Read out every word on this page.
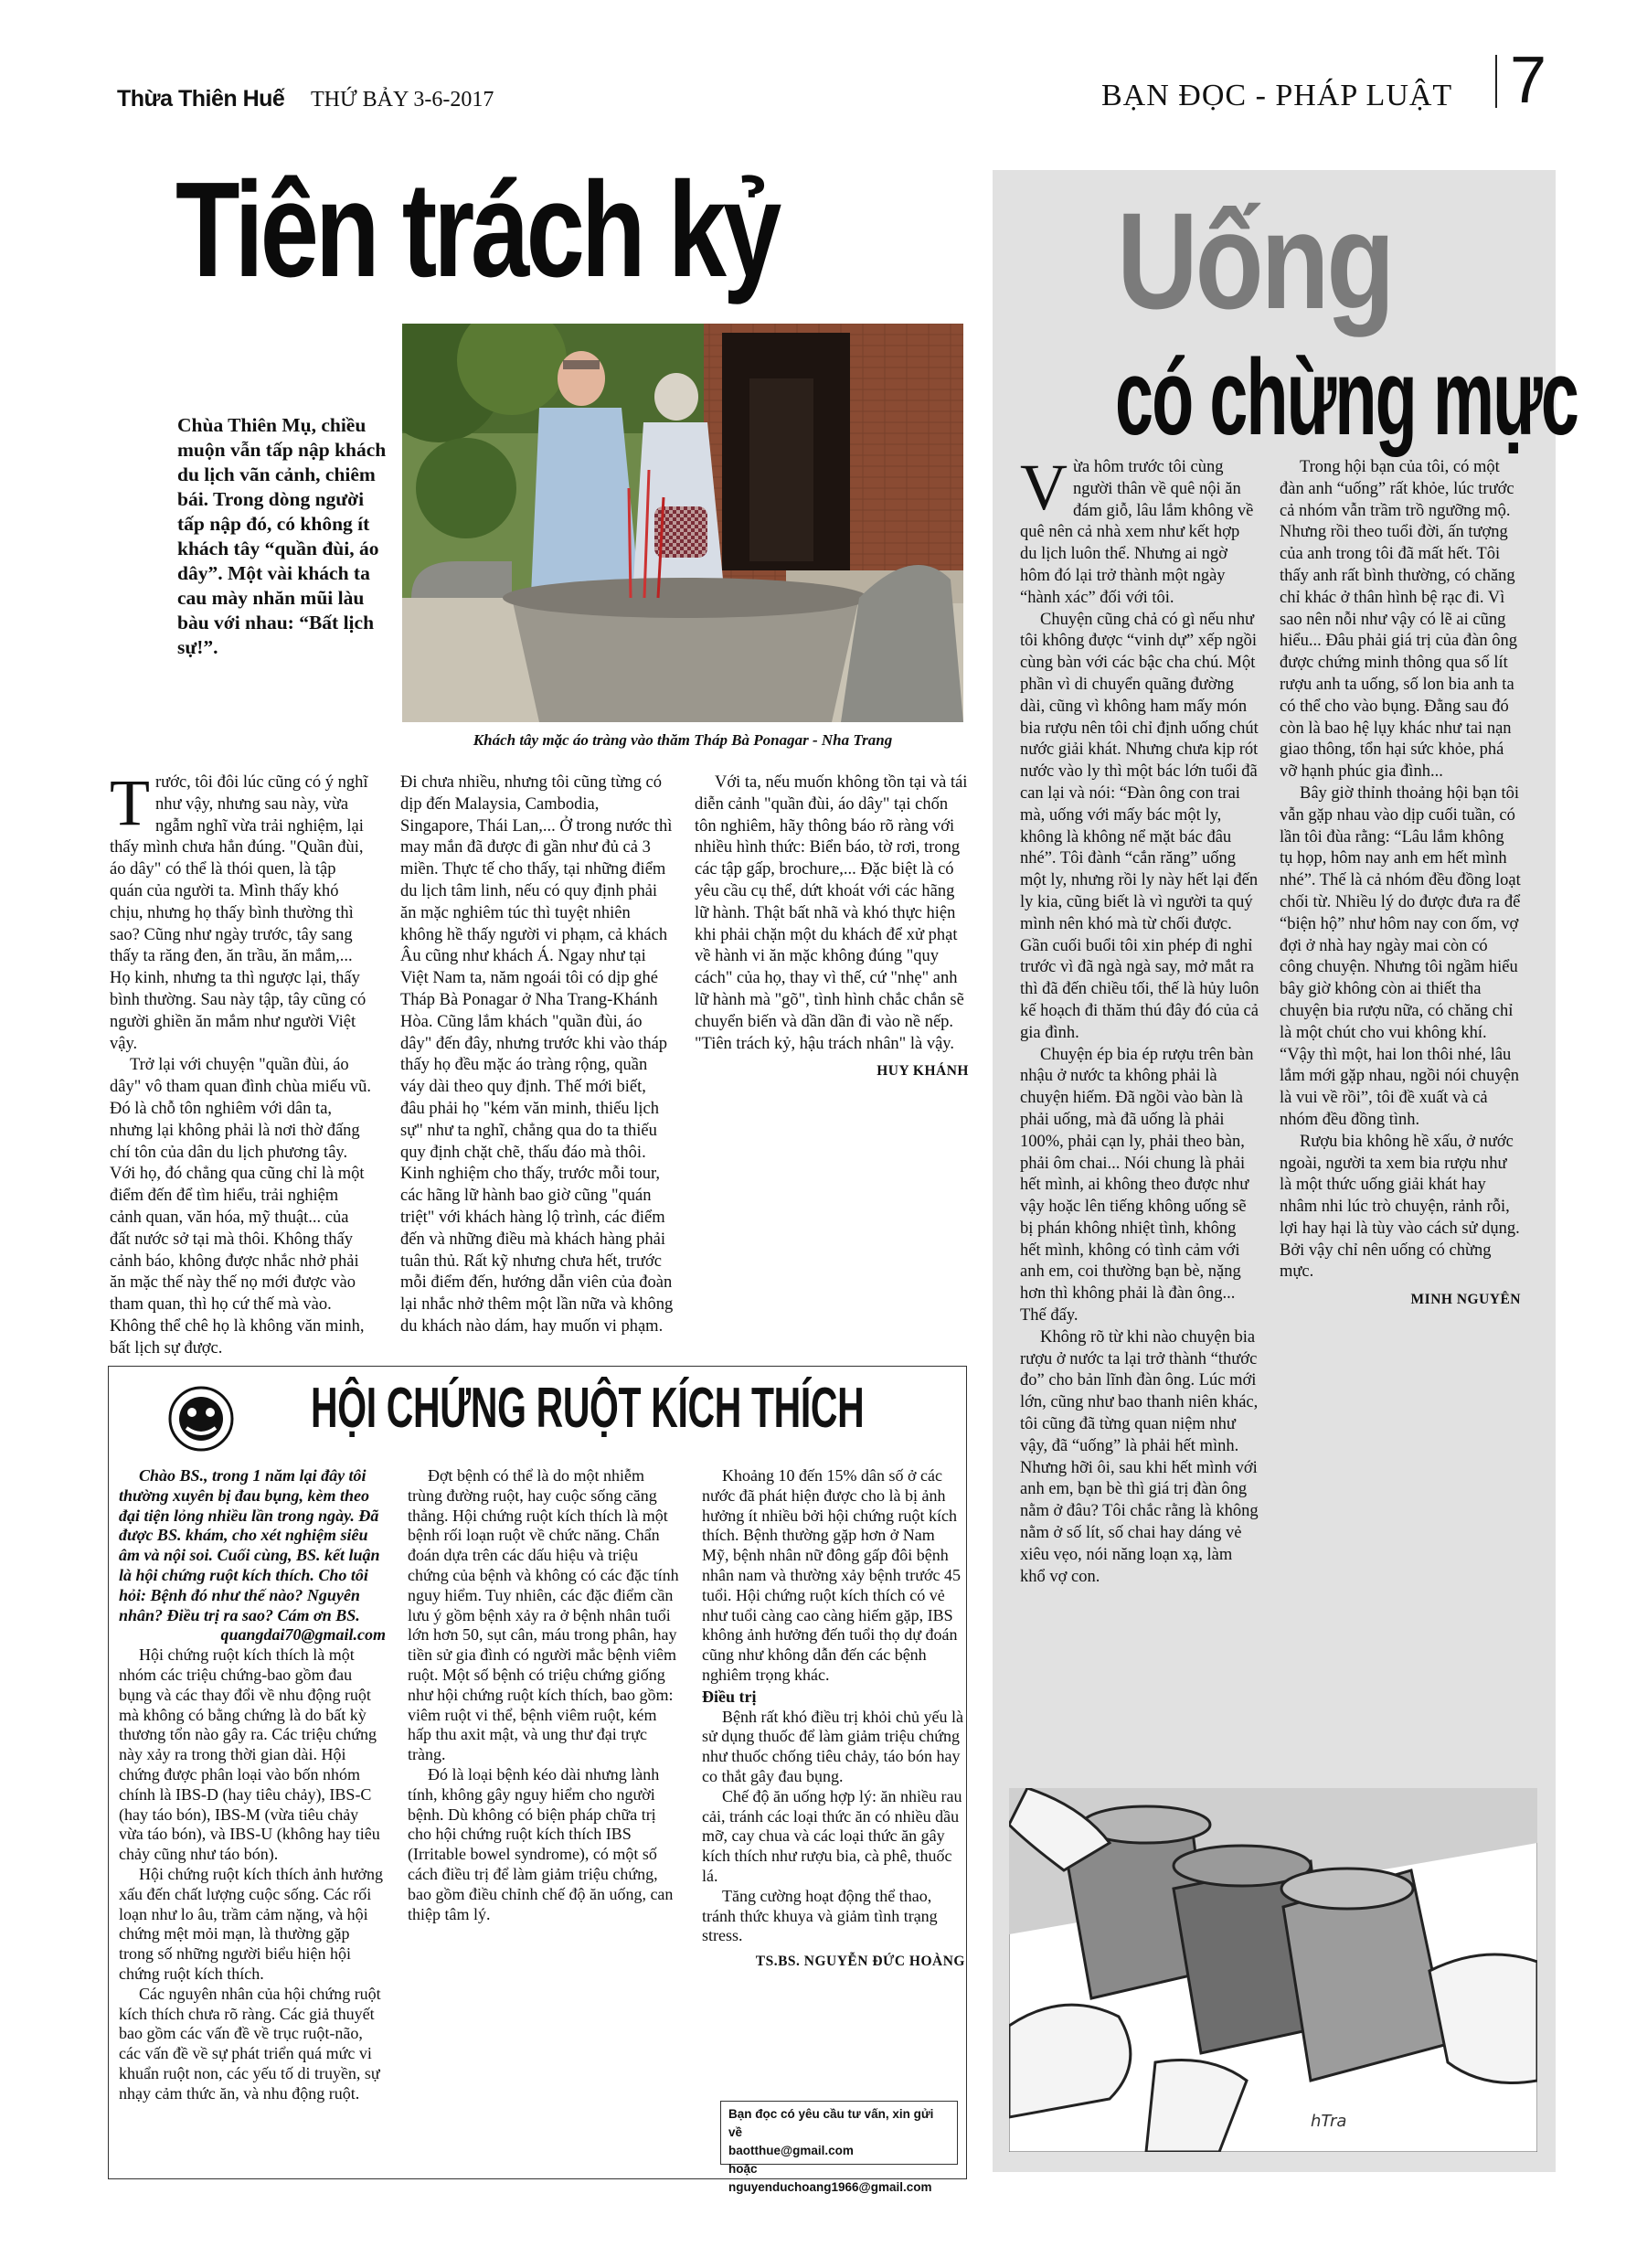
Thừa Thiên Huế THỨ BẢY 3-6-2017	BẠN ĐỌC - PHÁP LUẬT 7
Tiên trách kỷ
Khách tây mặc áo tràng vào thăm Tháp Bà Ponagar - Nha Trang
Chùa Thiên Mụ, chiều muộn vẫn tấp nập khách du lịch vãn cảnh, chiêm bái. Trong dòng người tấp nập đó, có không ít khách tây “quần đùi, áo dây”. Một vài khách ta cau mày nhăn mũi làu bàu với nhau: “Bất lịch sự!”.

Trước, tôi đôi lúc cũng có ý nghĩ như vậy, nhưng sau này, vừa ngẫm nghĩ vừa trải nghiệm, lại thấy mình chưa hẳn đúng. "Quần đùi, áo dây" có thể là thói quen, là tập quán của người ta. Mình thấy khó chịu, nhưng họ thấy bình thường thì sao? Cũng như ngày trước, tây sang thấy ta răng đen, ăn trầu, ăn mắm,... Họ kinh, nhưng ta thì ngược lại, thấy bình thường. Sau này tập, tây cũng có người ghiền ăn mắm như người Việt vậy.

Trở lại với chuyện "quần đùi, áo dây" vô tham quan đình chùa miếu vũ. Đó là chỗ tôn nghiêm với dân ta, nhưng lại không phải là nơi thờ đấng chí tôn của dân du lịch phương tây. Với họ, đó chẳng qua cũng chỉ là một điểm đến để tìm hiểu, trải nghiệm cảnh quan, văn hóa, mỹ thuật... của đất nước sở tại mà thôi. Không thấy cảnh báo, không được nhắc nhở phải ăn mặc thế này thế nọ mới được vào tham quan, thì họ cứ thế mà vào. Không thể chê họ là không văn minh, bất lịch sự được.

Đi chưa nhiều, nhưng tôi cũng từng có dịp đến Malaysia, Cambodia, Singapore, Thái Lan,... Ở trong nước thì may mắn đã được đi gần như đủ cả 3 miền. Thực tế cho thấy, tại những điểm du lịch tâm linh, nếu có quy định phải ăn mặc nghiêm túc thì tuyệt nhiên không hề thấy người vi phạm, cả khách Âu cũng như khách Á. Ngay như tại Việt Nam ta, năm ngoái tôi có dịp ghé Tháp Bà Ponagar ở Nha Trang-Khánh Hòa. Cũng lắm khách "quần đùi, áo dây" đến đây, nhưng trước khi vào tháp thấy họ đều mặc áo tràng rộng, quần váy dài theo quy định. Thế mới biết, đâu phải họ "kém văn minh, thiếu lịch sự" như ta nghĩ, chẳng qua do ta thiếu quy định chặt chẽ, thấu đáo mà thôi. Kinh nghiệm cho thấy, trước mỗi tour, các hãng lữ hành bao giờ cũng "quán triệt" với khách hàng lộ trình, các điểm đến và những điều mà khách hàng phải tuân thủ. Rất kỹ nhưng chưa hết, trước mỗi điểm đến, hướng dẫn viên của đoàn lại nhắc nhở thêm một lần nữa và không du khách nào dám, hay muốn vi phạm.

Với ta, nếu muốn không tồn tại và tái diễn cảnh "quần đùi, áo dây" tại chốn tôn nghiêm, hãy thông báo rõ ràng với nhiều hình thức: Biển báo, tờ rơi, trong các tập gấp, brochure,... Đặc biệt là có yêu cầu cụ thể, dứt khoát với các hãng lữ hành. Thật bất nhã và khó thực hiện khi phải chặn một du khách để xử phạt về hành vi ăn mặc không đúng "quy cách" của họ, thay vì thế, cứ "nhẹ" anh lữ hành mà "gõ", tình hình chắc chắn sẽ chuyển biến và dần dần đi vào nề nếp. "Tiên trách kỷ, hậu trách nhân" là vậy.

HUY KHÁNH
Uống
có chừng mực

Vừa hôm trước tôi cùng người thân về quê nội ăn đám giỗ, lâu lắm không về quê nên cả nhà xem như kết hợp du lịch luôn thể. Nhưng ai ngờ hôm đó lại trở thành một ngày “hành xác” đối với tôi.

Chuyện cũng chả có gì nếu như tôi không được “vinh dự” xếp ngồi cùng bàn với các bậc cha chú. Một phần vì di chuyển quãng đường dài, cũng vì không ham mấy món bia rượu nên tôi chỉ định uống chút nước giải khát. Nhưng chưa kịp rót nước vào ly thì một bác lớn tuổi đã can lại và nói: “Đàn ông con trai mà, uống với mấy bác một ly, không là không nể mặt bác đâu nhé”. Tôi đành “cắn răng” uống một ly, nhưng rồi ly này hết lại đến ly kia, cũng biết là vì người ta quý mình nên khó mà từ chối được. Gần cuối buổi tôi xin phép đi nghỉ trước vì đã ngà ngà say, mở mắt ra thì đã đến chiều tối, thế là hủy luôn kế hoạch đi thăm thú đây đó của cả gia đình.

Chuyện ép bia ép rượu trên bàn nhậu ở nước ta không phải là chuyện hiếm. Đã ngồi vào bàn là phải uống, mà đã uống là phải 100%, phải cạn ly, phải theo bàn, phải ôm chai... Nói chung là phải hết mình, ai không theo được như vậy hoặc lên tiếng không uống sẽ bị phán không nhiệt tình, không hết mình, không có tình cảm với anh em, coi thường bạn bè, nặng hơn thì không phải là đàn ông... Thế đấy.

Không rõ từ khi nào chuyện bia rượu ở nước ta lại trở thành “thước đo” cho bản lĩnh đàn ông. Lúc mới lớn, cũng như bao thanh niên khác, tôi cũng đã từng quan niệm như vậy, đã “uống” là phải hết mình. Nhưng hỡi ôi, sau khi hết mình với anh em, bạn bè thì giá trị đàn ông nằm ở đâu? Tôi chắc rằng là không nằm ở số lít, số chai hay dáng vẻ xiêu vẹo, nói năng loạn xạ, làm khổ vợ con.

Trong hội bạn của tôi, có một đàn anh “uống” rất khỏe, lúc trước cả nhóm vẫn trầm trồ ngưỡng mộ. Nhưng rồi theo tuổi đời, ấn tượng của anh trong tôi đã mất hết. Tôi thấy anh rất bình thường, có chăng chỉ khác ở thân hình bệ rạc đi. Vì sao nên nỗi như vậy có lẽ ai cũng hiểu... Đâu phải giá trị của đàn ông được chứng minh thông qua số lít rượu anh ta uống, số lon bia anh ta có thể cho vào bụng. Đằng sau đó còn là bao hệ lụy khác như tai nạn giao thông, tổn hại sức khỏe, phá vỡ hạnh phúc gia đình...

Bây giờ thỉnh thoảng hội bạn tôi vẫn gặp nhau vào dịp cuối tuần, có lần tôi đùa rằng: “Lâu lắm không tụ họp, hôm nay anh em hết mình nhé”. Thế là cả nhóm đều đồng loạt chối từ. Nhiều lý do được đưa ra để “biện hộ” như hôm nay con ốm, vợ đợi ở nhà hay ngày mai còn có công chuyện. Nhưng tôi ngầm hiểu bây giờ không còn ai thiết tha chuyện bia rượu nữa, có chăng chỉ là một chút cho vui không khí. “Vậy thì một, hai lon thôi nhé, lâu lắm mới gặp nhau, ngồi nói chuyện là vui về rồi”, tôi đề xuất và cả nhóm đều đồng tình.

Rượu bia không hề xấu, ở nước ngoài, người ta xem bia rượu như là một thức uống giải khát hay nhâm nhi lúc trò chuyện, rảnh rỗi, lợi hay hại là tùy vào cách sử dụng. Bởi vậy chỉ nên uống có chừng mực.

MINH NGUYÊN
hTra
HỘI CHỨNG RUỘT KÍCH THÍCH

Chào BS., trong 1 năm lại đây tôi thường xuyên bị đau bụng, kèm theo đại tiện lỏng nhiều lần trong ngày. Đã được BS. khám, cho xét nghiệm siêu âm và nội soi. Cuối cùng, BS. kết luận là hội chứng ruột kích thích. Cho tôi hỏi: Bệnh đó như thế nào? Nguyên nhân? Điều trị ra sao? Cám ơn BS.

quangdai70@gmail.com

Hội chứng ruột kích thích là một nhóm các triệu chứng-bao gồm đau bụng và các thay đổi về nhu động ruột mà không có bằng chứng là do bất kỳ thương tổn nào gây ra. Các triệu chứng này xảy ra trong thời gian dài. Hội chứng được phân loại vào bốn nhóm chính là IBS-D (hay tiêu chảy), IBS-C (hay táo bón), IBS-M (vừa tiêu chảy vừa táo bón), và IBS-U (không hay tiêu chảy cũng như táo bón).

Hội chứng ruột kích thích ảnh hưởng xấu đến chất lượng cuộc sống. Các rối loạn như lo âu, trầm cảm nặng, và hội chứng mệt mỏi mạn, là thường gặp trong số những người biểu hiện hội chứng ruột kích thích.

Các nguyên nhân của hội chứng ruột kích thích chưa rõ ràng. Các giả thuyết bao gồm các vấn đề về trục ruột-não, các vấn đề về sự phát triển quá mức vi khuẩn ruột non, các yếu tố di truyền, sự nhạy cảm thức ăn, và nhu động ruột.

Đợt bệnh có thể là do một nhiễm trùng đường ruột, hay cuộc sống căng thẳng. Hội chứng ruột kích thích là một bệnh rối loạn ruột về chức năng. Chẩn đoán dựa trên các dấu hiệu và triệu chứng của bệnh và không có các đặc tính nguy hiểm. Tuy nhiên, các đặc điểm cần lưu ý gồm bệnh xảy ra ở bệnh nhân tuổi lớn hơn 50, sụt cân, máu trong phân, hay tiền sử gia đình có người mắc bệnh viêm ruột. Một số bệnh có triệu chứng giống như hội chứng ruột kích thích, bao gồm: viêm ruột vi thể, bệnh viêm ruột, kém hấp thu axit mật, và ung thư đại trực tràng.

Đó là loại bệnh kéo dài nhưng lành tính, không gây nguy hiểm cho người bệnh. Dù không có biện pháp chữa trị cho hội chứng ruột kích thích IBS (Irritable bowel syndrome), có một số cách điều trị để làm giảm triệu chứng, bao gồm điều chỉnh chế độ ăn uống, can thiệp tâm lý.

Khoảng 10 đến 15% dân số ở các nước đã phát hiện được cho là bị ảnh hưởng ít nhiều bởi hội chứng ruột kích thích. Bệnh thường gặp hơn ở Nam Mỹ, bệnh nhân nữ đông gấp đôi bệnh nhân nam và thường xảy bệnh trước 45 tuổi. Hội chứng ruột kích thích có vẻ như tuổi càng cao càng hiếm gặp, IBS không ảnh hưởng đến tuổi thọ dự đoán cũng như không dẫn đến các bệnh nghiêm trọng khác.

Điều trị

Bệnh rất khó điều trị khỏi chủ yếu là sử dụng thuốc để làm giảm triệu chứng như thuốc chống tiêu chảy, táo bón hay co thắt gây đau bụng.

Chế độ ăn uống hợp lý: ăn nhiều rau cải, tránh các loại thức ăn có nhiều dầu mỡ, cay chua và các loại thức ăn gây kích thích như rượu bia, cà phê, thuốc lá.

Tăng cường hoạt động thể thao, tránh thức khuya và giảm tình trạng stress.

TS.BS. NGUYỄN ĐỨC HOÀNG
Bạn đọc có yêu cầu tư vấn, xin gửi về
baotthue@gmail.com
hoặc nguyenduchoang1966@gmail.com
